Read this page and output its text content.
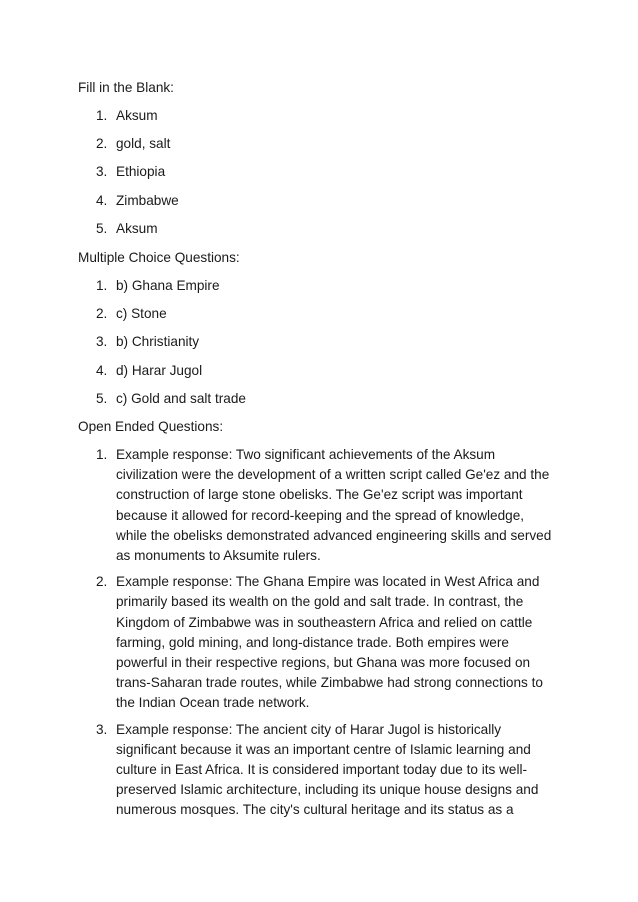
Fill in the Blank:
1. Aksum
2. gold, salt
3. Ethiopia
4. Zimbabwe
5. Aksum
Multiple Choice Questions:
1. b) Ghana Empire
2. c) Stone
3. b) Christianity
4. d) Harar Jugol
5. c) Gold and salt trade
Open Ended Questions:
1. Example response: Two significant achievements of the Aksum
civilization were the development of a written script called Ge'ez and the
construction of large stone obelisks. The Ge'ez script was important
because it allowed for record-keeping and the spread of knowledge,
while the obelisks demonstrated advanced engineering skills and served
as monuments to Aksumite rulers.
2. Example response: The Ghana Empire was located in West Africa and
primarily based its wealth on the gold and salt trade. In contrast, the
Kingdom of Zimbabwe was in southeastern Africa and relied on cattle
farming, gold mining, and long-distance trade. Both empires were
powerful in their respective regions, but Ghana was more focused on
trans-Saharan trade routes, while Zimbabwe had strong connections to
the Indian Ocean trade network.
3. Example response: The ancient city of Harar Jugol is historically
significant because it was an important centre of Islamic learning and
culture in East Africa. It is considered important today due to its well-
preserved Islamic architecture, including its unique house designs and
numerous mosques. The city's cultural heritage and its status as a
